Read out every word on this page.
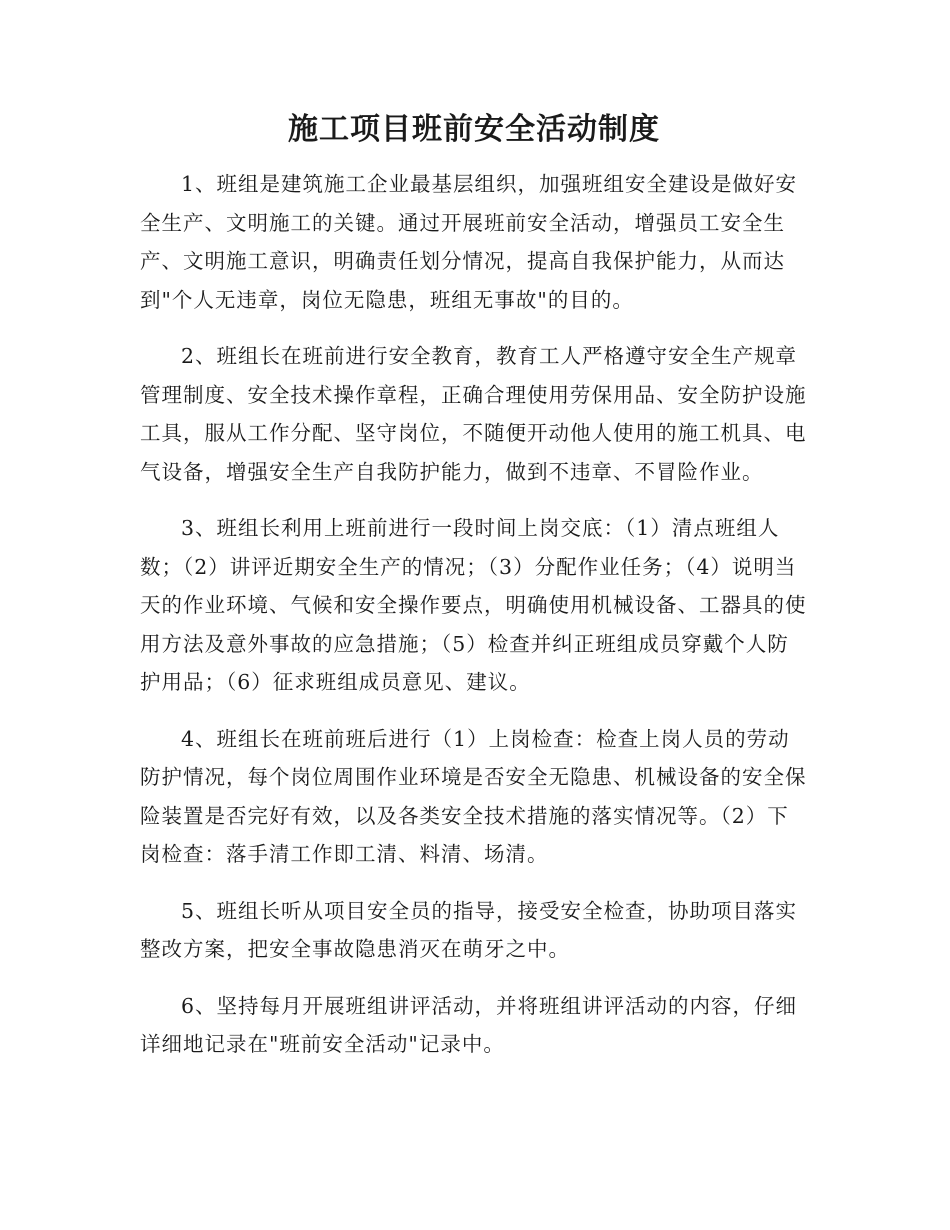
施工项目班前安全活动制度

1、班组是建筑施工企业最基层组织，加强班组安全建设是做好安全生产、文明施工的关键。通过开展班前安全活动，增强员工安全生产、文明施工意识，明确责任划分情况，提高自我保护能力，从而达到"个人无违章，岗位无隐患，班组无事故"的目的。

2、班组长在班前进行安全教育，教育工人严格遵守安全生产规章管理制度、安全技术操作章程，正确合理使用劳保用品、安全防护设施工具，服从工作分配、坚守岗位，不随便开动他人使用的施工机具、电气设备，增强安全生产自我防护能力，做到不违章、不冒险作业。

3、班组长利用上班前进行一段时间上岗交底：（1）清点班组人数；（2）讲评近期安全生产的情况；（3）分配作业任务；（4）说明当天的作业环境、气候和安全操作要点，明确使用机械设备、工器具的使用方法及意外事故的应急措施；（5）检查并纠正班组成员穿戴个人防护用品；（6）征求班组成员意见、建议。

4、班组长在班前班后进行（1）上岗检查：检查上岗人员的劳动防护情况，每个岗位周围作业环境是否安全无隐患、机械设备的安全保险装置是否完好有效，以及各类安全技术措施的落实情况等。（2）下岗检查：落手清工作即工清、料清、场清。

5、班组长听从项目安全员的指导，接受安全检查，协助项目落实整改方案，把安全事故隐患消灭在萌牙之中。

6、坚持每月开展班组讲评活动，并将班组讲评活动的内容，仔细详细地记录在"班前安全活动"记录中。
